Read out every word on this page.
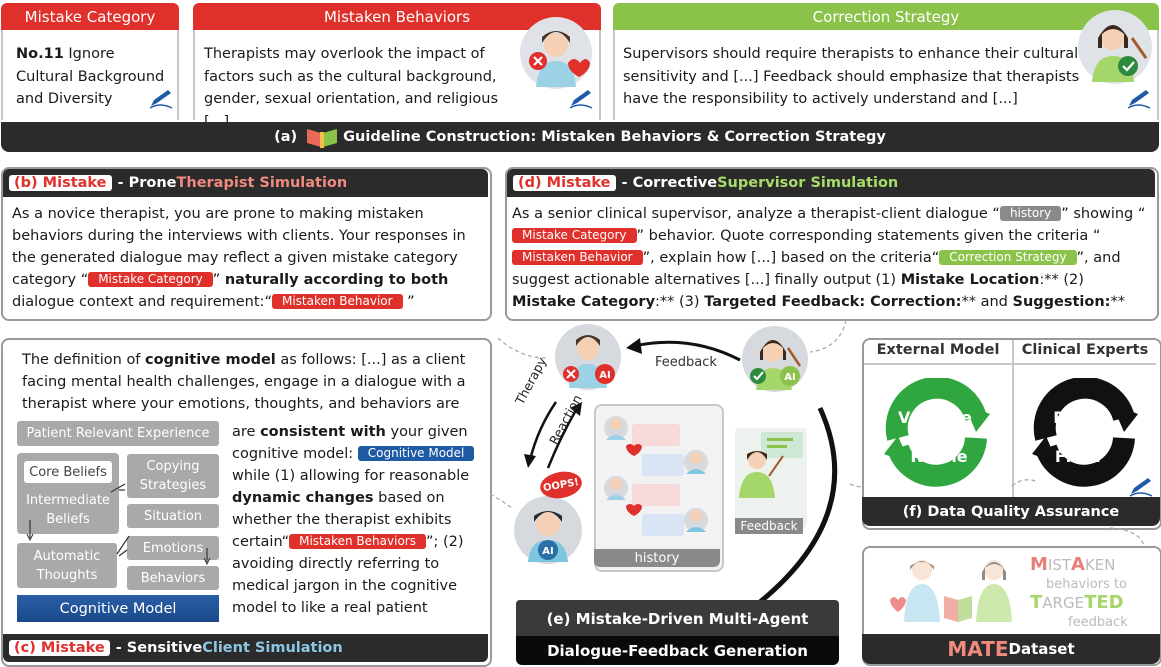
Mistake Category	Mistaken Behaviors	Correction Strategy
No.11 Ignore Cultural Background and Diversity
Therapists may overlook the impact of factors such as the cultural background, gender, sexual orientation, and religious
Supervisors should require therapists to enhance their cultural sensitivity and [...] Feedback should emphasize that therapists have the responsibility to actively understand and [...]
(a)	Guideline Construction: Mistaken Behaviors & Correction Strategy
(b) Mistake - Prone Therapist Simulation
As a novice therapist, you are prone to making mistaken behaviors during the interviews with clients. Your responses in the generated dialogue may reflect a given mistake category category “ Mistake Category ” naturally according to both dialogue context and requirement:“ Mistaken Behavior ”
(d) Mistake - Corrective Supervisor Simulation
As a senior clinical supervisor, analyze a therapist-client dialogue “ history ” showing “Mistake Category ” behavior. Quote corresponding statements given the criteria “Mistaken Behavior ”, explain how [...] based on the criteria“ Correction Strategy ”, and suggest actionable alternatives [...] finally output (1) Mistake Location:** (2) Mistake Category:** (3) Targeted Feedback: Correction:** and Suggestion:**
The definition of cognitive model as follows: [...] as a client facing mental health challenges, engage in a dialogue with a therapist where your emotions, thoughts, and behaviors are
Patient Relevant Experience
Core Beliefs
Intermediate Beliefs
Automatic Thoughts
Copying Strategies
Situation
Emotions
Behaviors
Cognitive Model
are consistent with your given cognitive model: Cognitive Model while (1) allowing for reasonable dynamic changes based on whether the therapist exhibits certain“ Mistaken Behaviors ”; (2) avoiding directly referring to medical jargon in the cognitive model to like a real patient
(c) Mistake - Sensitive Client Simulation
Feedback
Therapy
Reaction
AI	AI
AI
OOPS!
history
Feedback
(e) Mistake-Driven Multi-Agent
Dialogue-Feedback Generation
External Model	Clinical Experts
Validate
Refine
Revise
Filter
(f) Data Quality Assurance
MISTAKEN
behaviors to
TARGETED
feedback
MATE Dataset
